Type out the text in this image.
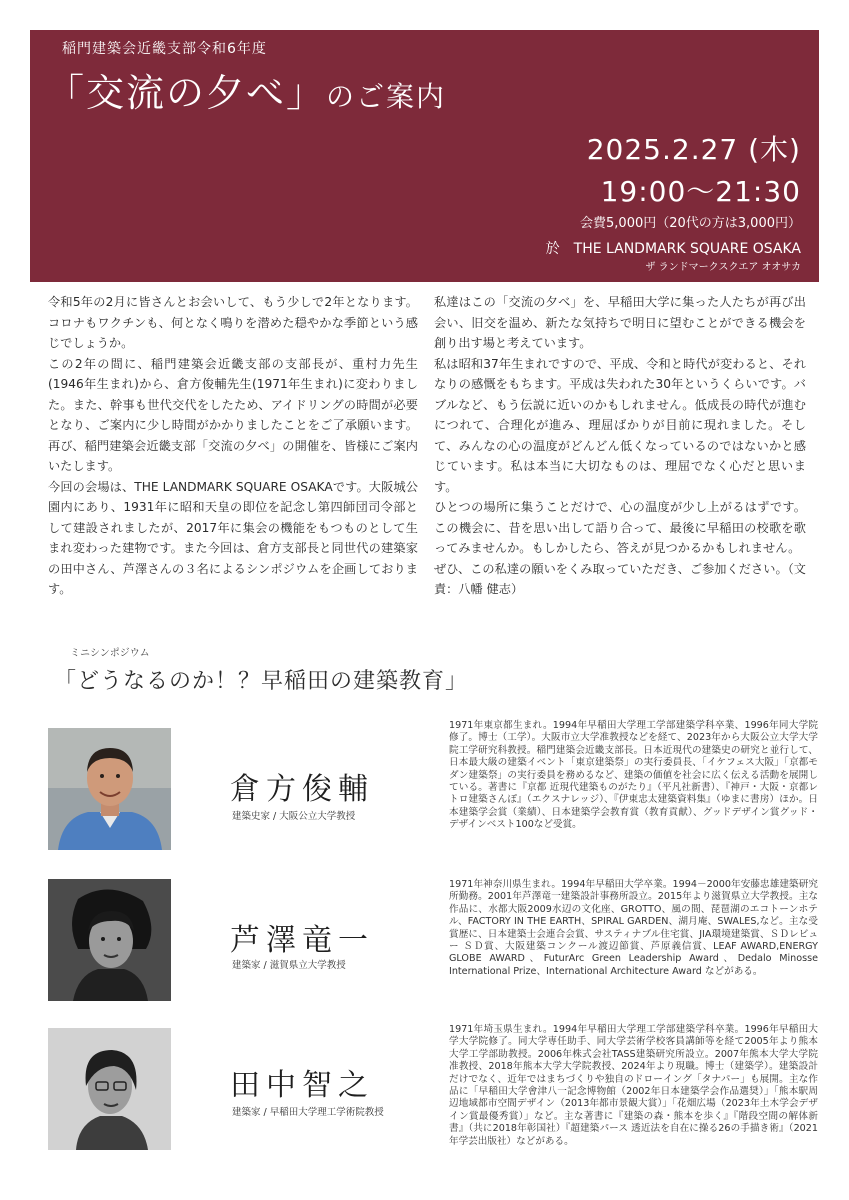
稲門建築会近畿支部令和6年度
「交流の夕べ」のご案内
2025.2.27 (木)
19:00〜21:30
会費5,000円（20代の方は3,000円）
於　THE LANDMARK SQUARE OSAKA
ザ ランドマークスクエア オオサカ

令和5年の2月に皆さんとお会いして、もう少しで2年となります。コロナもワクチンも、何となく鳴りを潜めた穏やかな季節という感じでしょうか。

この2年の間に、稲門建築会近畿支部の支部長が、重村力先生(1946年生まれ)から、倉方俊輔先生(1971年生まれ)に変わりました。また、幹事も世代交代をしたため、アイドリングの時間が必要となり、ご案内に少し時間がかかりましたことをご了承願います。再び、稲門建築会近畿支部「交流の夕べ」の開催を、皆様にご案内いたします。

今回の会場は、THE LANDMARK SQUARE OSAKAです。大阪城公園内にあり、1931年に昭和天皇の即位を記念し第四師団司令部として建設されましたが、2017年に集会の機能をもつものとして生まれ変わった建物です。また今回は、倉方支部長と同世代の建築家の田中さん、芦澤さんの３名によるシンポジウムを企画しております。

私達はこの「交流の夕べ」を、早稲田大学に集った人たちが再び出会い、旧交を温め、新たな気持ちで明日に望むことができる機会を創り出す場と考えています。

私は昭和37年生まれですので、平成、令和と時代が変わると、それなりの感慨をもちます。平成は失われた30年というくらいです。バブルなど、もう伝説に近いのかもしれません。低成長の時代が進むにつれて、合理化が進み、理屈ばかりが目前に現れました。そして、みんなの心の温度がどんどん低くなっているのではないかと感じています。私は本当に大切なものは、理屈でなく心だと思います。

ひとつの場所に集うことだけで、心の温度が少し上がるはずです。この機会に、昔を思い出して語り合って、最後に早稲田の校歌を歌ってみませんか。もしかしたら、答えが見つかるかもしれません。

ぜひ、この私達の願いをくみ取っていただき、ご参加ください。（文責：八幡 健志）

ミニシンポジウム
「どうなるのか！？早稲田の建築教育」
倉方俊輔
建築史家 / 大阪公立大学教授
1971年東京都生まれ。1994年早稲田大学理工学部建築学科卒業、1996年同大学院修了。博士（工学）。大阪市立大学准教授などを経て、2023年から大阪公立大学大学院工学研究科教授。稲門建築会近畿支部長。日本近現代の建築史の研究と並行して、日本最大級の建築イベント「東京建築祭」の実行委員長、「イケフェス大阪」「京都モダン建築祭」の実行委員を務めるなど、建築の価値を社会に広く伝える活動を展開している。著書に『京都 近現代建築ものがたり』（平凡社新書）、『神戸・大阪・京都レトロ建築さんぽ』（エクスナレッジ）、『伊東忠太建築資料集』（ゆまに書房）ほか。日本建築学会賞（業績）、日本建築学会教育賞（教育貢献）、グッドデザイン賞グッド・デザインベスト100など受賞。
芦澤竜一
建築家 / 滋賀県立大学教授
1971年神奈川県生まれ。1994年早稲田大学卒業。1994－2000年安藤忠雄建築研究所勤務。2001年芦澤竜一建築設計事務所設立。2015年より滋賀県立大学教授。主な作品に、水都大阪2009水辺の文化座、GROTTO、風の間、琵琶湖のエコトーンホテル、FACTORY IN THE EARTH、SPIRAL GARDEN、湖月庵、SWALES,など。主な受賞歴に、日本建築士会連合会賞、サスティナブル住宅賞、JIA環境建築賞、ＳＤレビュー ＳＤ賞、大阪建築コンクール渡辺節賞、芦原義信賞、LEAF AWARD,ENERGY GLOBE AWARD、FuturArc Green Leadership Award、Dedalo Minosse International Prize、International Architecture Award などがある。
田中智之
建築家 / 早稲田大学理工学術院教授
1971年埼玉県生まれ。1994年早稲田大学理工学部建築学科卒業。1996年早稲田大学大学院修了。同大学専任助手、同大学芸術学校客員講師等を経て2005年より熊本大学工学部助教授。2006年株式会社TASS建築研究所設立。2007年熊本大学大学院准教授、2018年熊本大学大学院教授、2024年より現職。博士（建築学）。建築設計だけでなく、近年ではまちづくりや独自のドローイング「タナパー」も展開。主な作品に「早稲田大学會津八一記念博物館（2002年日本建築学会作品選奨）」「熊本駅周辺地域都市空間デザイン（2013年都市景観大賞）」「花畑広場（2023年土木学会デザイン賞最優秀賞）」など。主な著書に『建築の森・熊本を歩く』『階段空間の解体新書』（共に2018年彰国社）『超建築パース 透近法を自在に操る26の手描き術』（2021年学芸出版社）などがある。
